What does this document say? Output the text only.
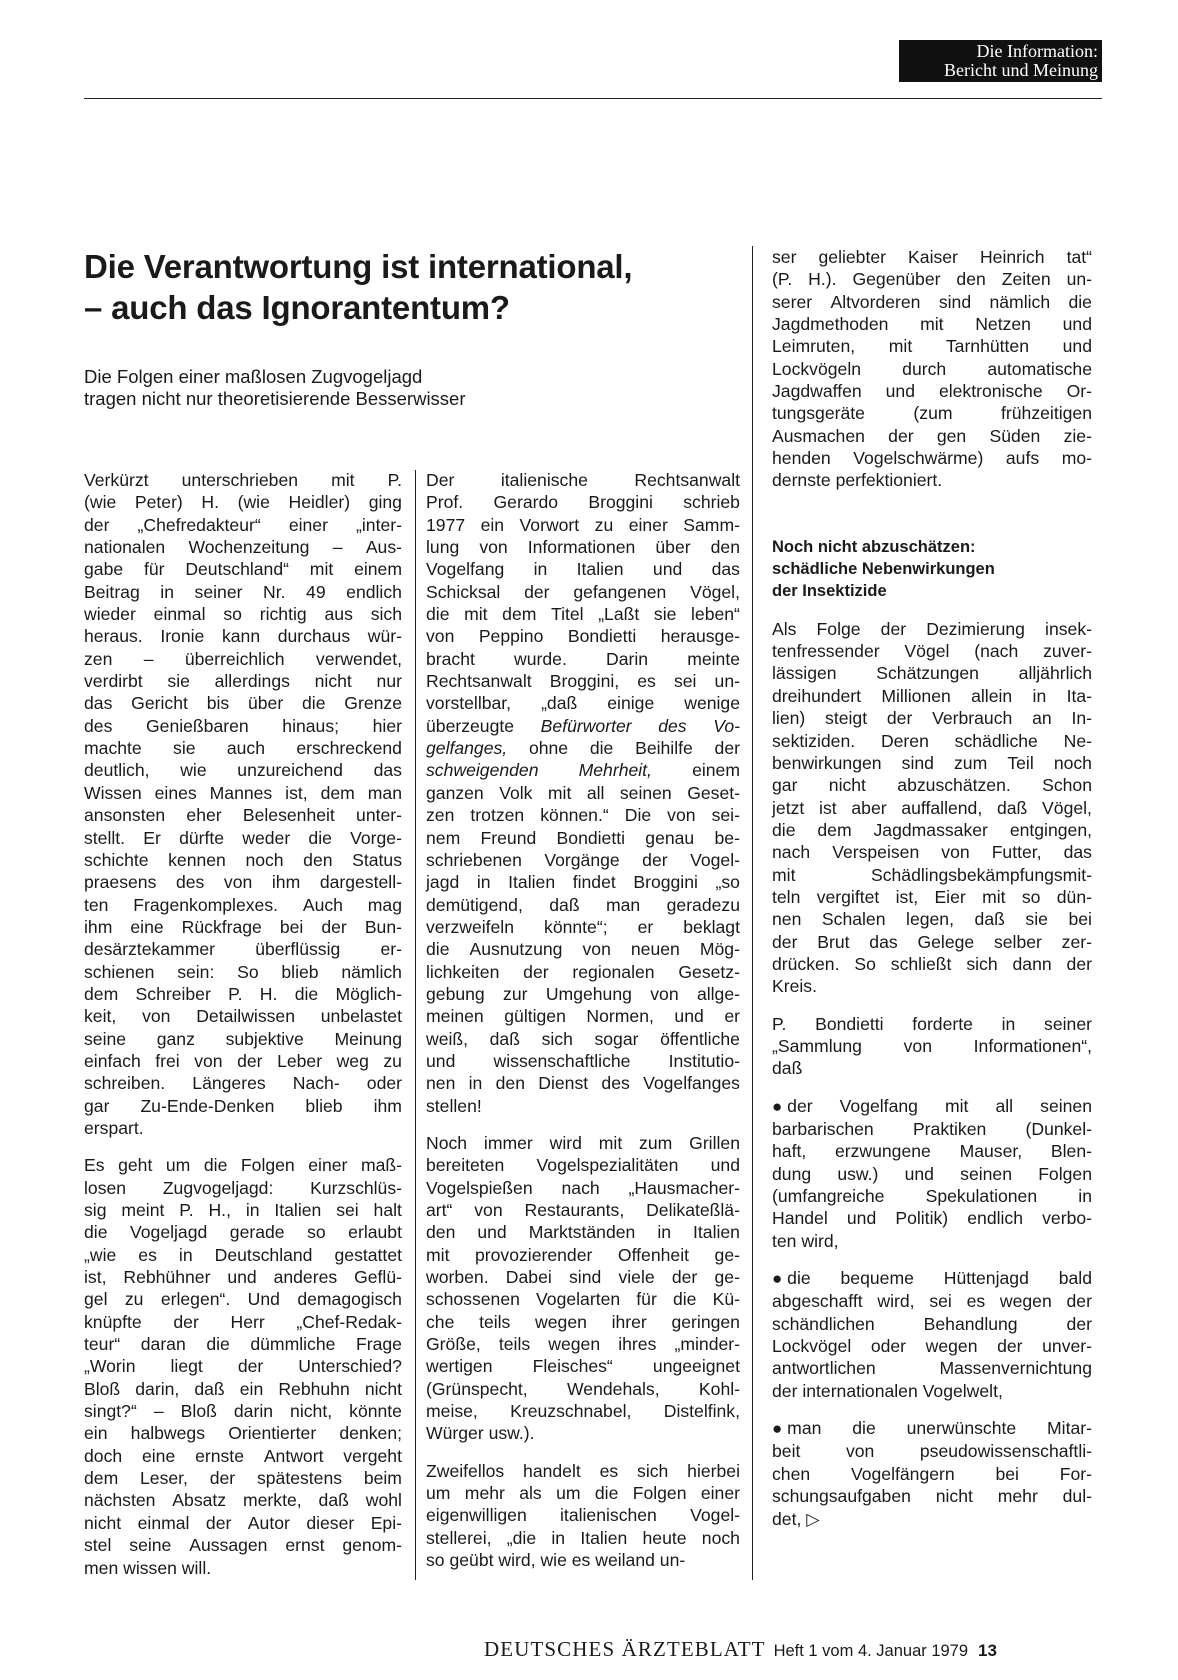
Die Information:
Bericht und Meinung
Die Verantwortung ist international,
– auch das Ignorantentum?
Die Folgen einer maßlosen Zugvogeljagd
tragen nicht nur theoretisierende Besserwisser

Verkürzt unterschrieben mit P.
(wie Peter) H. (wie Heidler) ging
der „Chefredakteur“ einer „inter-
nationalen Wochenzeitung – Aus-
gabe für Deutschland“ mit einem
Beitrag in seiner Nr. 49 endlich
wieder einmal so richtig aus sich
heraus. Ironie kann durchaus wür-
zen – überreichlich verwendet,
verdirbt sie allerdings nicht nur
das Gericht bis über die Grenze
des Genießbaren hinaus; hier
machte sie auch erschreckend
deutlich, wie unzureichend das
Wissen eines Mannes ist, dem man
ansonsten eher Belesenheit unter-
stellt. Er dürfte weder die Vorge-
schichte kennen noch den Status
praesens des von ihm dargestell-
ten Fragenkomplexes. Auch mag
ihm eine Rückfrage bei der Bun-
desärztekammer überflüssig er-
schienen sein: So blieb nämlich
dem Schreiber P. H. die Möglich-
keit, von Detailwissen unbelastet
seine ganz subjektive Meinung
einfach frei von der Leber weg zu
schreiben. Längeres Nach- oder
gar Zu-Ende-Denken blieb ihm
erspart.

Es geht um die Folgen einer maß-
losen Zugvogeljagd: Kurzschlüs-
sig meint P. H., in Italien sei halt
die Vogeljagd gerade so erlaubt
„wie es in Deutschland gestattet
ist, Rebhühner und anderes Geflü-
gel zu erlegen“. Und demagogisch
knüpfte der Herr „Chef-Redak-
teur“ daran die dümmliche Frage
„Worin liegt der Unterschied?
Bloß darin, daß ein Rebhuhn nicht
singt?“ – Bloß darin nicht, könnte
ein halbwegs Orientierter denken;
doch eine ernste Antwort vergeht
dem Leser, der spätestens beim
nächsten Absatz merkte, daß wohl
nicht einmal der Autor dieser Epi-
stel seine Aussagen ernst genom-
men wissen will.

Der	italienische	Rechtsanwalt
Prof. Gerardo Broggini schrieb
1977 ein Vorwort zu einer Samm-
lung von Informationen über den
Vogelfang in Italien und das
Schicksal der gefangenen Vögel,
die mit dem Titel „Laßt sie leben“
von Peppino Bondietti herausge-
bracht wurde. Darin meinte
Rechtsanwalt Broggini, es sei un-
vorstellbar, „daß einige wenige
überzeugte Befürworter des Vo-
gelfanges, ohne die Beihilfe der
schweigenden Mehrheit, einem
ganzen Volk mit all seinen Geset-
zen trotzen können.“ Die von sei-
nem Freund Bondietti genau be-
schriebenen Vorgänge der Vogel-
jagd in Italien findet Broggini „so
demütigend, daß man geradezu
verzweifeln könnte“; er beklagt
die Ausnutzung von neuen Mög-
lichkeiten der regionalen Gesetz-
gebung zur Umgehung von allge-
meinen gültigen Normen, und er
weiß, daß sich sogar öffentliche
und wissenschaftliche Institutio-
nen in den Dienst des Vogelfanges
stellen!

Noch immer wird mit zum Grillen
bereiteten Vogelspezialitäten und
Vogelspießen nach „Hausmacher-
art“ von Restaurants, Delikateßlä-
den und Marktständen in Italien
mit provozierender Offenheit ge-
worben. Dabei sind viele der ge-
schossenen Vogelarten für die Kü-
che teils wegen ihrer geringen
Größe, teils wegen ihres „minder-
wertigen Fleisches“ ungeeignet
(Grünspecht, Wendehals, Kohl-
meise, Kreuzschnabel, Distelfink,
Würger usw.).

Zweifellos handelt es sich hierbei
um mehr als um die Folgen einer
eigenwilligen italienischen Vogel-
stellerei, „die in Italien heute noch
so geübt wird, wie es weiland un-

ser geliebter Kaiser Heinrich tat“
(P. H.). Gegenüber den Zeiten un-
serer Altvorderen sind nämlich die
Jagdmethoden mit Netzen und
Leimruten, mit Tarnhütten und
Lockvögeln durch automatische
Jagdwaffen und elektronische Or-
tungsgeräte	(zum	frühzeitigen
Ausmachen der gen Süden zie-
henden Vogelschwärme) aufs mo-
dernste perfektioniert.

Noch nicht abzuschätzen:
schädliche Nebenwirkungen
der Insektizide

Als Folge der Dezimierung insek-
tenfressender Vögel (nach zuver-
lässigen Schätzungen alljährlich
dreihundert Millionen allein in Ita-
lien) steigt der Verbrauch an In-
sektiziden. Deren schädliche Ne-
benwirkungen sind zum Teil noch
gar nicht abzuschätzen. Schon
jetzt ist aber auffallend, daß Vögel,
die dem Jagdmassaker entgingen,
nach Verspeisen von Futter, das
mit	Schädlingsbekämpfungsmit-
teln vergiftet ist, Eier mit so dün-
nen Schalen legen, daß sie bei
der Brut das Gelege selber zer-
drücken. So schließt sich dann der
Kreis.

P. Bondietti forderte in seiner
„Sammlung von Informationen“,
daß

● der Vogelfang mit all seinen
barbarischen Praktiken (Dunkel-
haft, erzwungene Mauser, Blen-
dung usw.) und seinen Folgen
(umfangreiche Spekulationen in
Handel und Politik) endlich verbo-
ten wird,

● die bequeme Hüttenjagd bald
abgeschafft wird, sei es wegen der
schändlichen	Behandlung	der
Lockvögel oder wegen der unver-
antwortlichen	Massenvernichtung
der internationalen Vogelwelt,

● man die unerwünschte Mitar-
beit	von	pseudowissenschaftli-
chen Vogelfängern bei For-
schungsaufgaben nicht mehr dul-
det, ▷

DEUTSCHES ÄRZTEBLATT Heft 1 vom 4. Januar 1979 13
